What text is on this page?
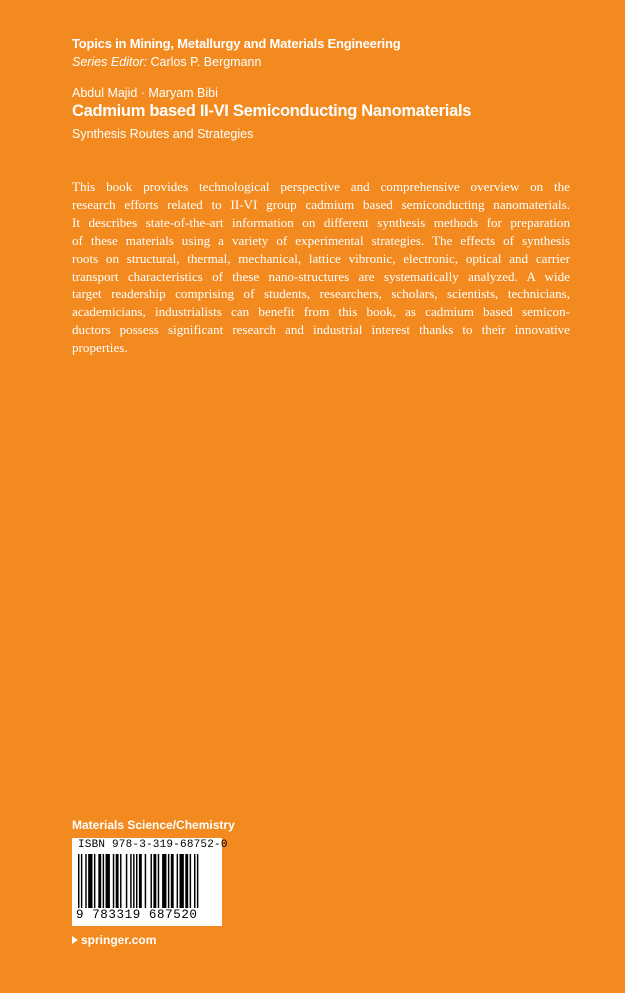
Topics in Mining, Metallurgy and Materials Engineering
Series Editor: Carlos P. Bergmann
Abdul Majid · Maryam Bibi
Cadmium based II-VI Semiconducting Nanomaterials
Synthesis Routes and Strategies
This book provides technological perspective and comprehensive overview on the
research efforts related to II-VI group cadmium based semiconducting nanomaterials.
It describes state-of-the-art information on different synthesis methods for preparation
of these materials using a variety of experimental strategies. The effects of synthesis
roots on structural, thermal, mechanical, lattice vibronic, electronic, optical and carrier
transport characteristics of these nano-structures are systematically analyzed. A wide
target readership comprising of students, researchers, scholars, scientists, technicians,
academicians, industrialists can benefit from this book, as cadmium based semicon-
ductors possess significant research and industrial interest thanks to their innovative
properties.
Materials Science/Chemistry
ISBN 978-3-319-68752-0
9 783319 687520
springer.com
